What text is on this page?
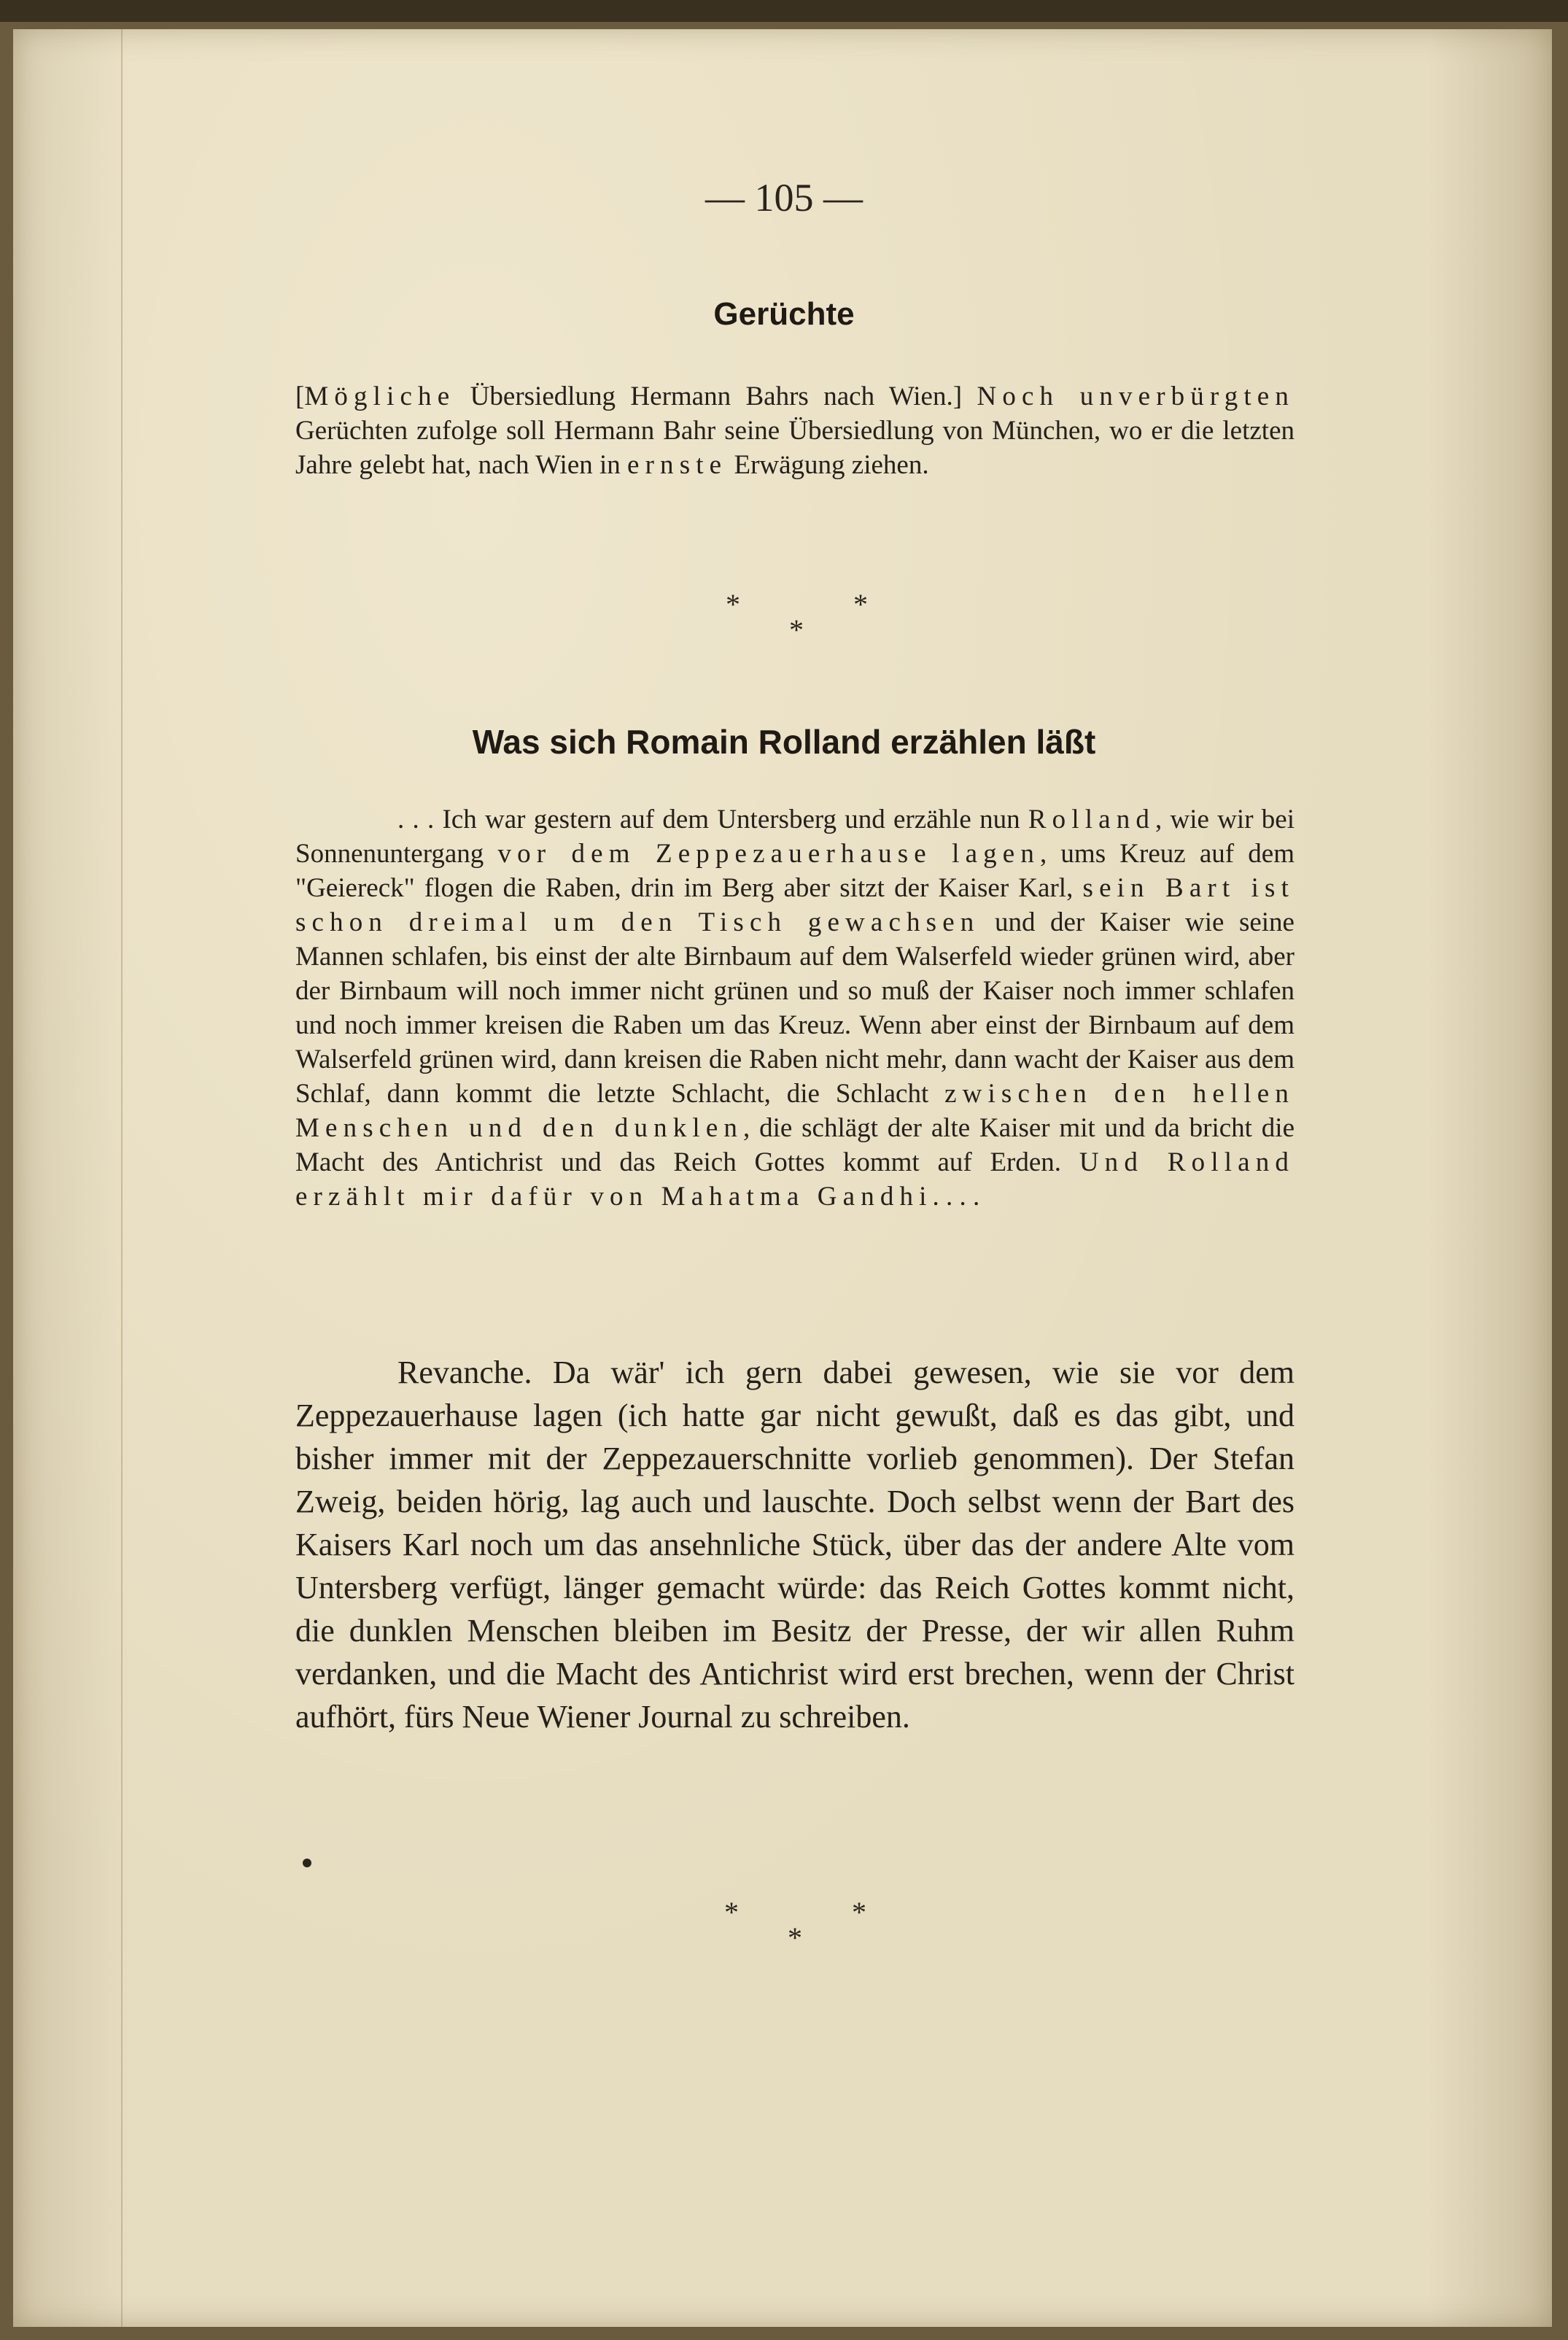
— 105 —
Gerüchte

[Mögliche Übersiedlung Hermann Bahrs nach Wien.] Noch unverbürgten Gerüchten zufolge soll Hermann Bahr seine Übersiedlung von München, wo er die letzten Jahre gelebt hat, nach Wien in ernste Erwägung ziehen.

*	*
*
Was sich Romain Rolland erzählen läßt

. . . Ich war gestern auf dem Untersberg und erzähle nun Rolland, wie wir bei Sonnenuntergang vor dem Zeppezauerhause lagen, ums Kreuz auf dem "Geiereck" flogen die Raben, drin im Berg aber sitzt der Kaiser Karl, sein Bart ist schon dreimal um den Tisch gewachsen und der Kaiser wie seine Mannen schlafen, bis einst der alte Birnbaum auf dem Walserfeld wieder grünen wird, aber der Birnbaum will noch immer nicht grünen und so muß der Kaiser noch immer schlafen und noch immer kreisen die Raben um das Kreuz. Wenn aber einst der Birnbaum auf dem Walserfeld grünen wird, dann kreisen die Raben nicht mehr, dann wacht der Kaiser aus dem Schlaf, dann kommt die letzte Schlacht, die Schlacht zwischen den hellen Menschen und den dunklen, die schlägt der alte Kaiser mit und da bricht die Macht des Antichrist und das Reich Gottes kommt auf Erden. Und Rolland erzählt mir dafür von Mahatma Gandhi. . . .

Revanche. Da wär' ich gern dabei gewesen, wie sie vor dem Zeppezauerhause lagen (ich hatte gar nicht gewußt, daß es das gibt, und bisher immer mit der Zeppezauerschnitte vorlieb genommen). Der Stefan Zweig, beiden hörig, lag auch und lauschte. Doch selbst wenn der Bart des Kaisers Karl noch um das ansehnliche Stück, über das der andere Alte vom Untersberg verfügt, länger gemacht würde: das Reich Gottes kommt nicht, die dunklen Menschen bleiben im Besitz der Presse, der wir allen Ruhm verdanken, und die Macht des Antichrist wird erst brechen, wenn der Christ aufhört, fürs Neue Wiener Journal zu schreiben.

*	*
*
